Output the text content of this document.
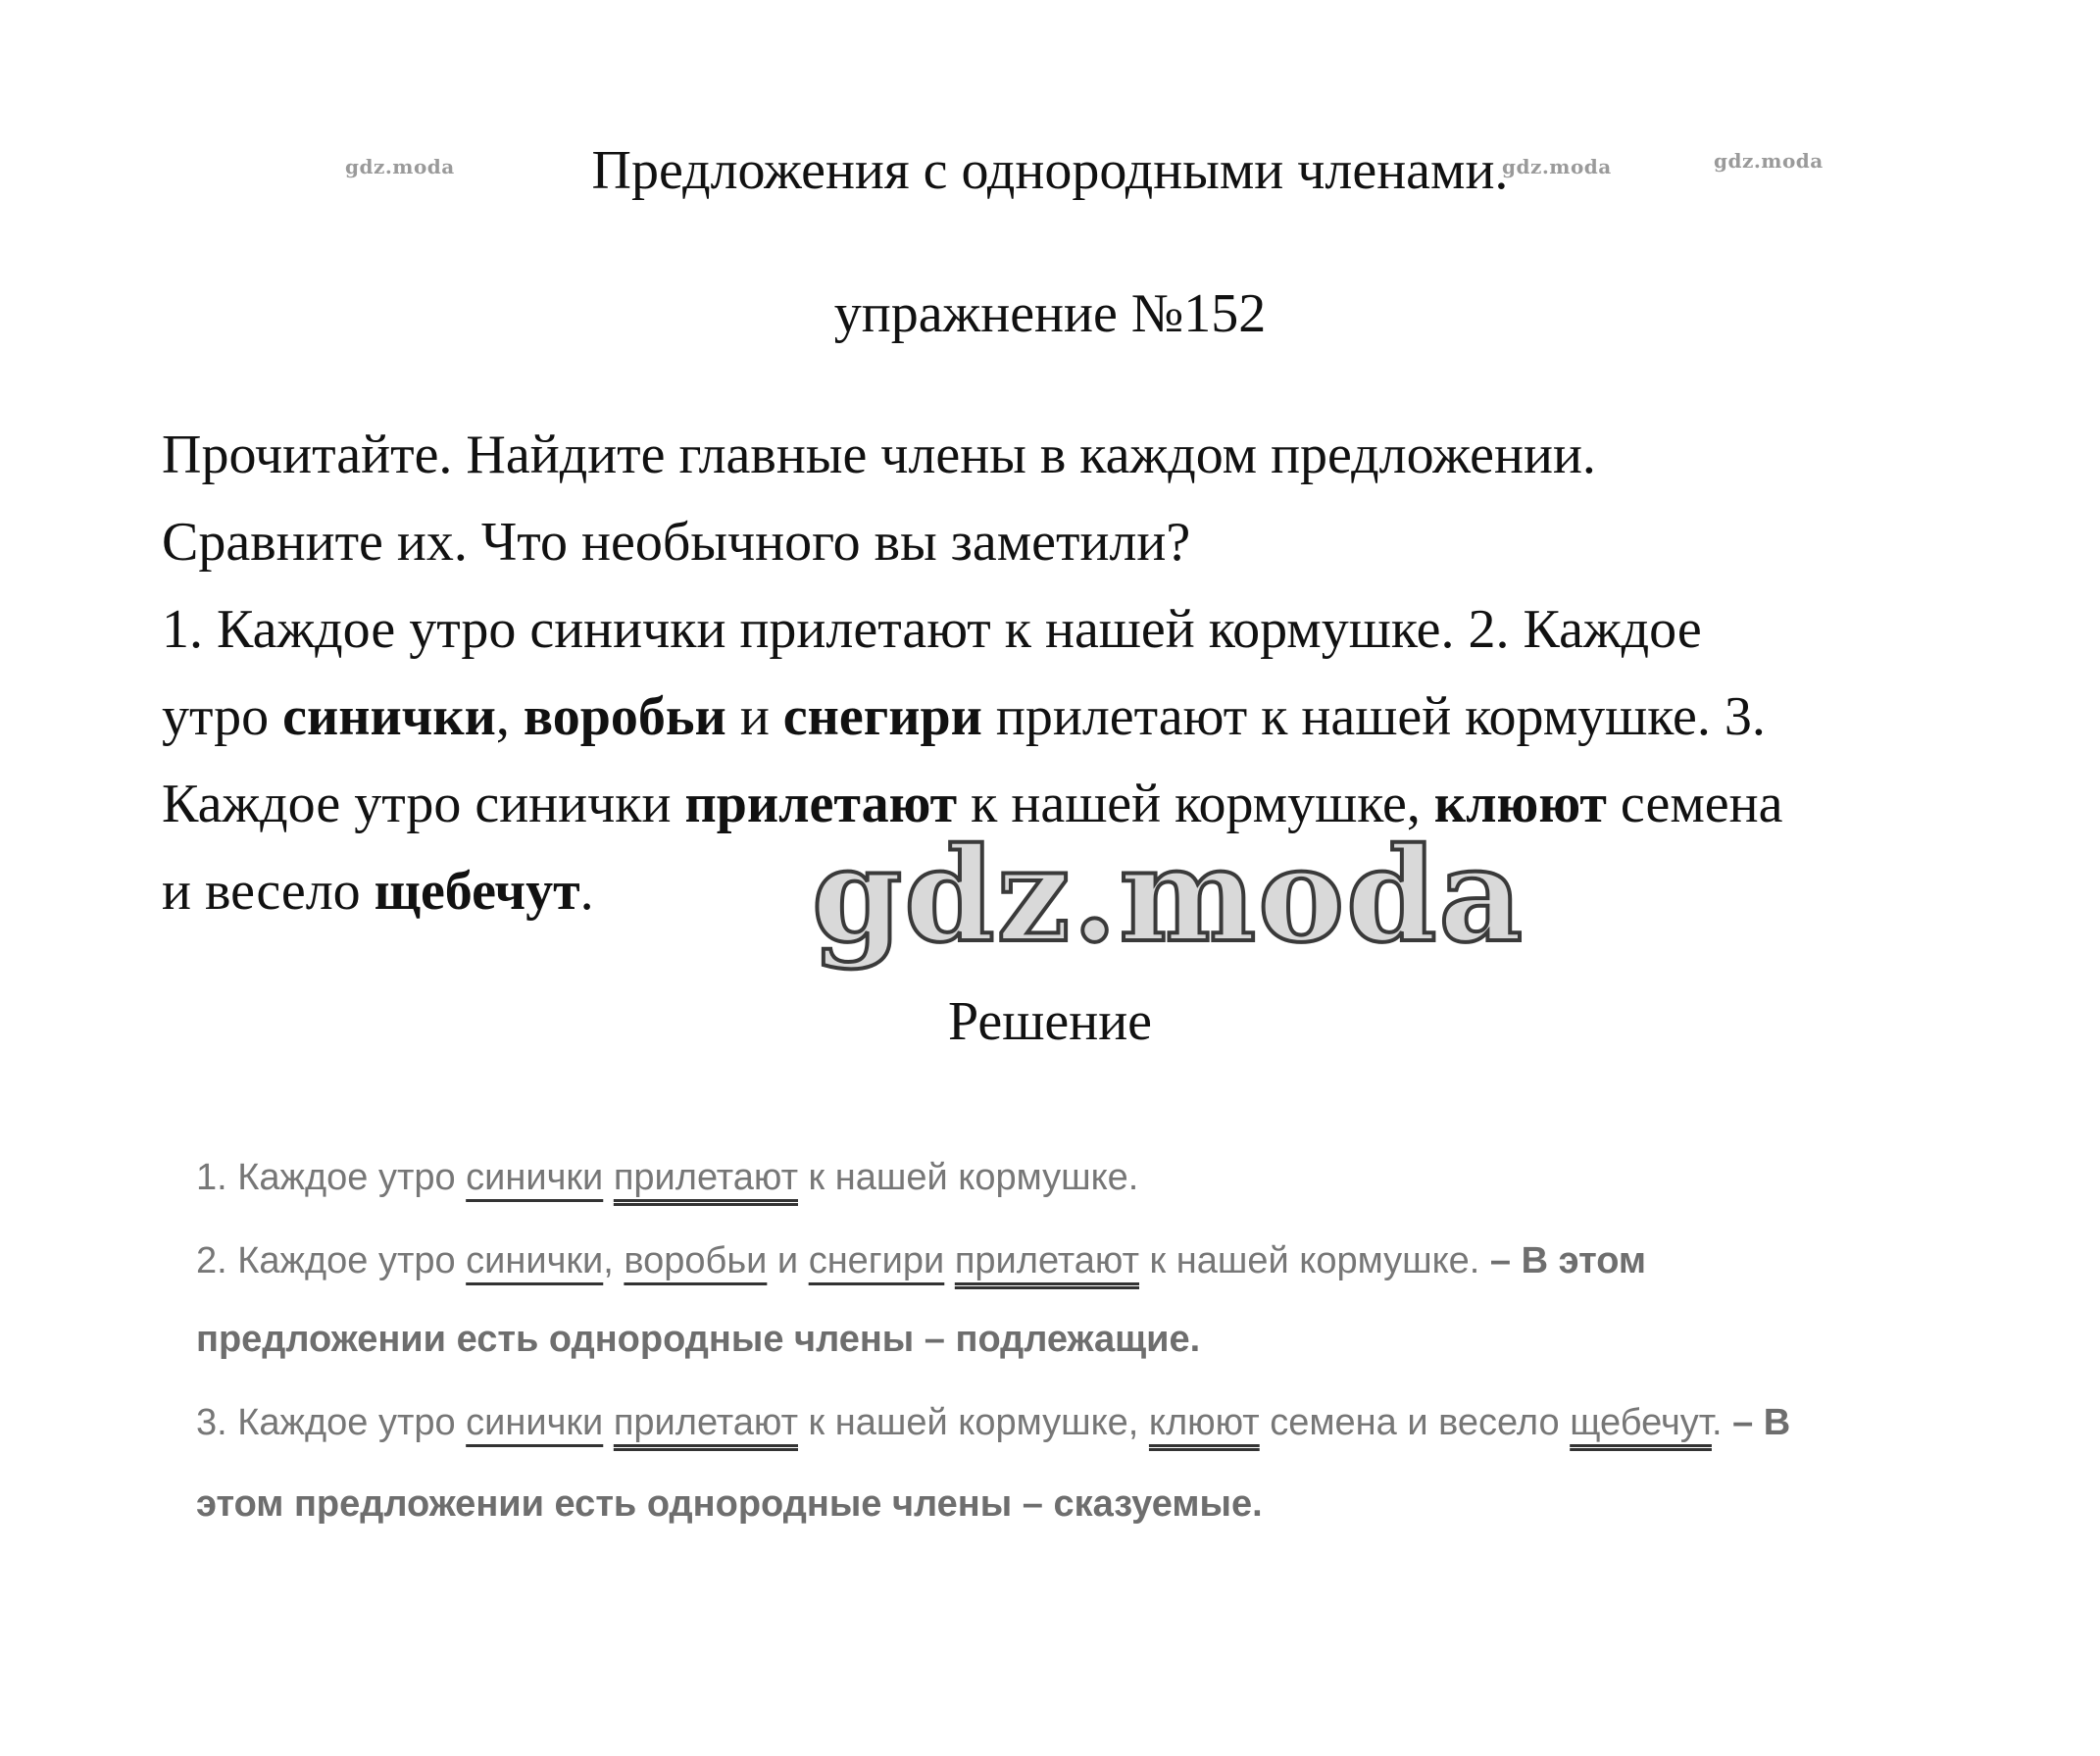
gdz.moda	gdz.moda	gdz.moda
Предложения с однородными членами.
упражнение №152

Прочитайте. Найдите главные члены в каждом предложении.

Сравните их. Что необычного вы заметили?

1. Каждое утро синички прилетают к нашей кормушке. 2. Каждое

утро синички, воробьи и снегири прилетают к нашей кормушке. 3.

Каждое утро синички прилетают к нашей кормушке, клюют семена

и весело щебечут.	gdz.moda
Решение
1. Каждое утро синички прилетают к нашей кормушке.
2. Каждое утро синички, воробьи и снегири прилетают к нашей кормушке. – В этом
предложении есть однородные члены – подлежащие.
3. Каждое утро синички прилетают к нашей кормушке, клюют семена и весело щебечут. – В
этом предложении есть однородные члены – сказуемые.
